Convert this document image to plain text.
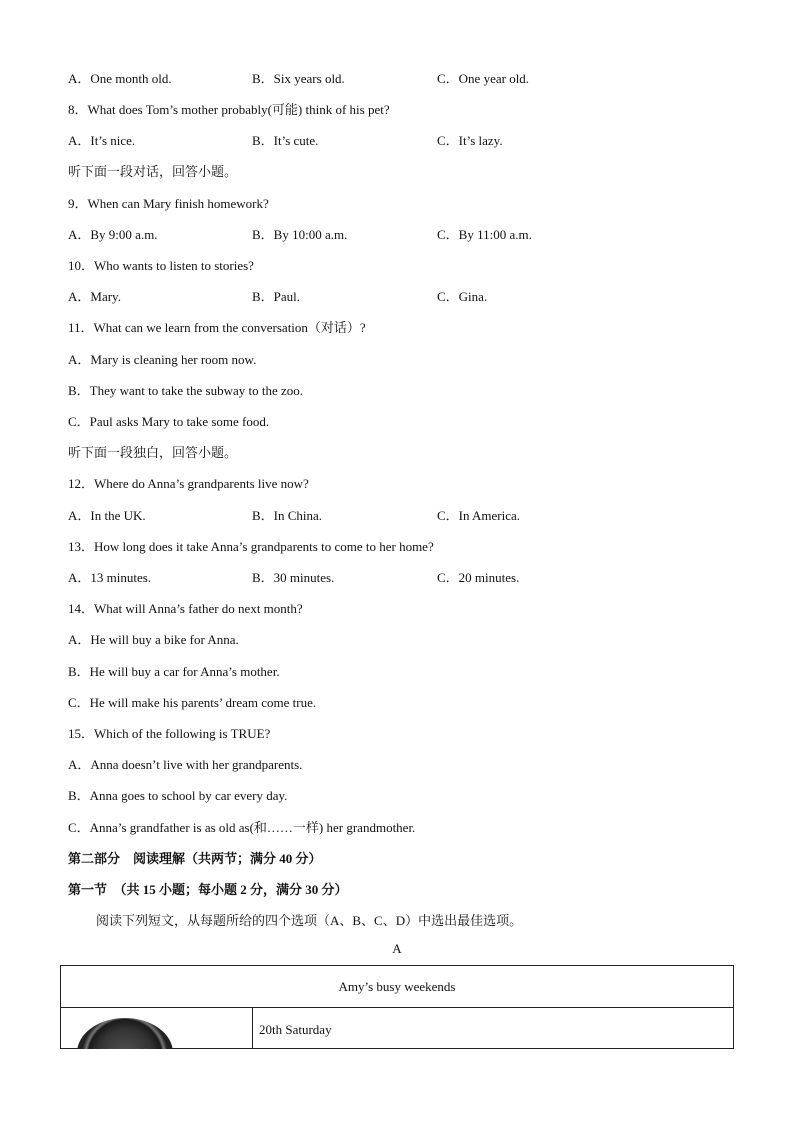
A．One month old.	B．Six years old.	C．One year old.
8．What does Tom’s mother probably(可能) think of his pet?
A．It’s nice.	B．It’s cute.	C．It’s lazy.
听下面一段对话，回答小题。
9．When can Mary finish homework?
A．By 9:00 a.m.	B．By 10:00 a.m.	C．By 11:00 a.m.
10．Who wants to listen to stories?
A．Mary.	B．Paul.	C．Gina.
11．What can we learn from the conversation（对话）?
A．Mary is cleaning her room now.
B．They want to take the subway to the zoo.
C．Paul asks Mary to take some food.
听下面一段独白，回答小题。
12．Where do Anna’s grandparents live now?
A．In the UK.	B．In China.	C．In America.
13．How long does it take Anna’s grandparents to come to her home?
A．13 minutes.	B．30 minutes.	C．20 minutes.
14．What will Anna’s father do next month?
A．He will buy a bike for Anna.
B．He will buy a car for Anna’s mother.
C．He will make his parents’ dream come true.
15．Which of the following is TRUE?
A．Anna doesn’t live with her grandparents.
B．Anna goes to school by car every day.
C．Anna’s grandfather is as old as(和……一样) her grandmother.
第二部分　阅读理解（共两节；满分 40 分）
第一节　（共 15 小题；每小题 2 分，满分 30 分）
阅读下列短文，从每题所给的四个选项（A、B、C、D）中选出最佳选项。
A
Amy’s busy weekends
20th Saturday
